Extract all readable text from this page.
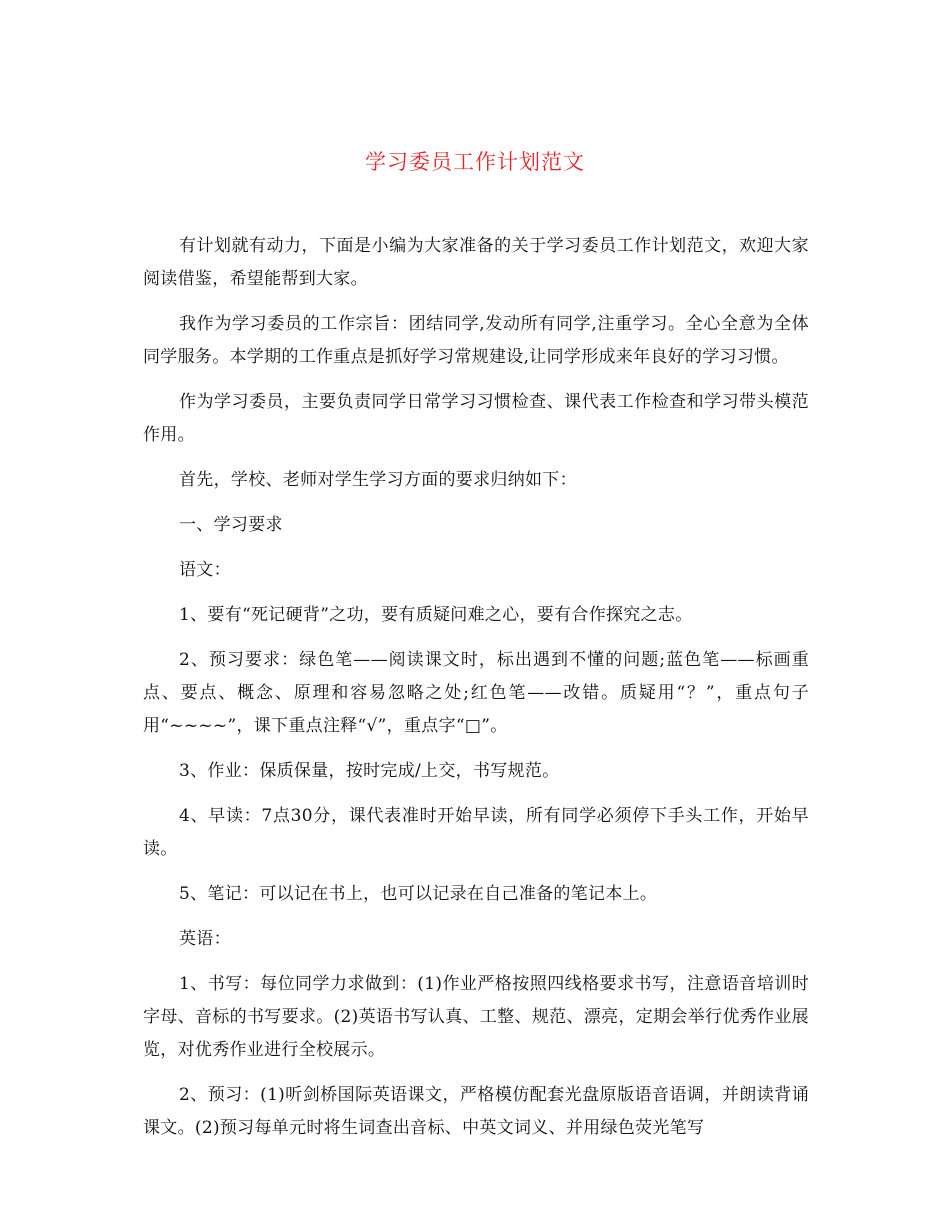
学习委员工作计划范文

有计划就有动力，下面是小编为大家准备的关于学习委员工作计划范文，欢迎大家阅读借鉴，希望能帮到大家。

我作为学习委员的工作宗旨：团结同学,发动所有同学,注重学习。全心全意为全体同学服务。本学期的工作重点是抓好学习常规建设,让同学形成来年良好的学习习惯。

作为学习委员，主要负责同学日常学习习惯检查、课代表工作检查和学习带头模范作用。

首先，学校、老师对学生学习方面的要求归纳如下：

一、学习要求

语文：

1、要有“死记硬背”之功，要有质疑问难之心，要有合作探究之志。

2、预习要求：绿色笔——阅读课文时，标出遇到不懂的问题;蓝色笔——标画重点、要点、概念、原理和容易忽略之处;红色笔——改错。质疑用“？”，重点句子用“~~~~”，课下重点注释“√”，重点字“□”。

3、作业：保质保量，按时完成/上交，书写规范。

4、早读：7点30分，课代表准时开始早读，所有同学必须停下手头工作，开始早读。

5、笔记：可以记在书上，也可以记录在自己准备的笔记本上。

英语：

1、书写：每位同学力求做到：(1)作业严格按照四线格要求书写，注意语音培训时字母、音标的书写要求。(2)英语书写认真、工整、规范、漂亮，定期会举行优秀作业展览，对优秀作业进行全校展示。

2、预习：(1)听剑桥国际英语课文，严格模仿配套光盘原版语音语调，并朗读背诵课文。(2)预习每单元时将生词查出音标、中英文词义、并用绿色荧光笔写
